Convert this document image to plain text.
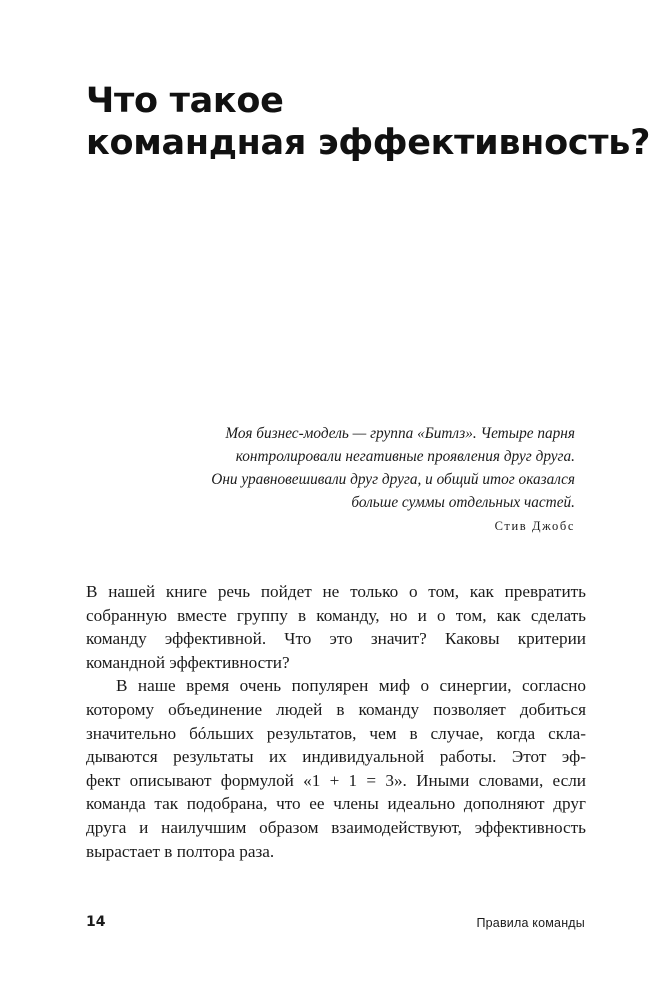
Что такое
командная эффективность?
Моя бизнес-модель — группа «Битлз». Четыре парня
контролировали негативные проявления друг друга.
Они уравновешивали друг друга, и общий итог оказался
больше суммы отдельных частей.
Стив Джобс
В нашей книге речь пойдет не только о том, как превратить
собранную вместе группу в команду, но и о том, как сделать
команду эффективной. Что это значит? Каковы критерии
командной эффективности?
В наше время очень популярен миф о синергии, согласно
которому объединение людей в команду позволяет добиться
значительно бóльших результатов, чем в случае, когда скла-
дываются результаты их индивидуальной работы. Этот эф-
фект описывают формулой «1 + 1 = 3». Иными словами, если
команда так подобрана, что ее члены идеально дополняют друг
друга и наилучшим образом взаимодействуют, эффективность
вырастает в полтора раза.
14	Правила команды
